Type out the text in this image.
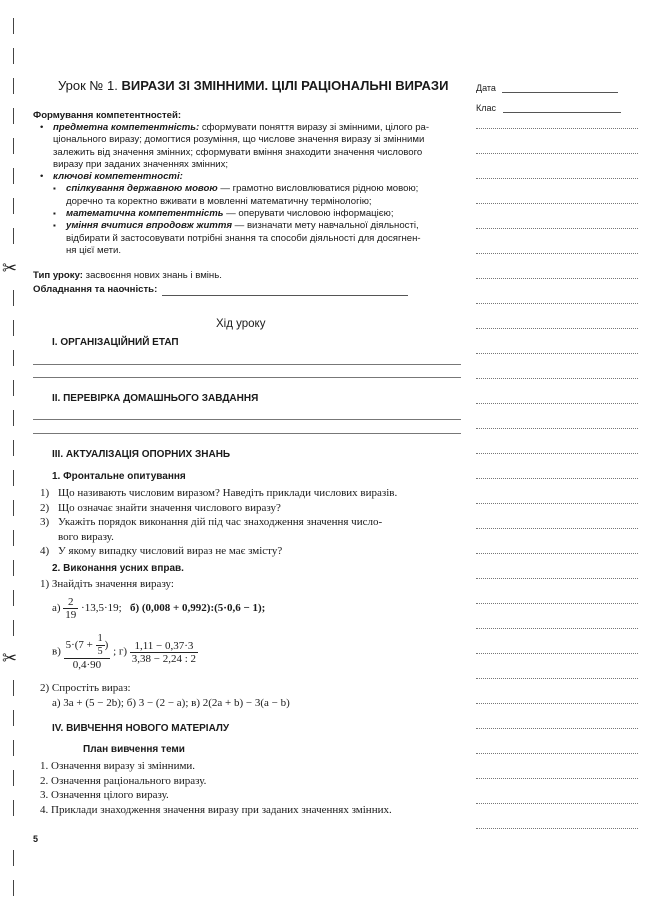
✂
✂
Урок № 1. ВИРАЗИ ЗІ ЗМІННИМИ. ЦІЛІ РАЦІОНАЛЬНІ ВИРАЗИ	Дата
Клас
Формування компетентностей:
• предметна компетентність: сформувати поняття виразу зі змінними, цілого ра-
ціонального виразу; домогтися розуміння, що числове значення виразу зі змінними
залежить від значення змінних; сформувати вміння знаходити значення числового
виразу при заданих значеннях змінних;
• ключові компетентності:
▪ спілкування державною мовою — грамотно висловлюватися рідною мовою;
доречно та коректно вживати в мовленні математичну термінологію;
▪ математична компетентність — оперувати числовою інформацією;
▪ уміння вчитися впродовж життя — визначати мету навчальної діяльності,
відбирати й застосовувати потрібні знання та способи діяльності для досягнен-
ня цієї мети.
Тип уроку: засвоєння нових знань і вмінь.
Обладнання та наочність:
Хід уроку
І. ОРГАНІЗАЦІЙНИЙ ЕТАП
ІІ. ПЕРЕВІРКА ДОМАШНЬОГО ЗАВДАННЯ
ІІІ. АКТУАЛІЗАЦІЯ ОПОРНИХ ЗНАНЬ
1. Фронтальне опитування
1) Що називають числовим виразом? Наведіть приклади числових виразів.
2) Що означає знайти значення числового виразу?
3) Укажіть порядок виконання дій під час знаходження значення число-
вого виразу.
4) У якому випадку числовий вираз не має змісту?
2. Виконання усних вправ.
1) Знайдіть значення виразу:
$а) \frac{2}{19} \cdot 13,5\cdot 19$; б) (0,008 + 0,992):(5·0,6 − 1);
$в) \frac{5\cdot(7 + \frac{1}{5} )}{0,4\cdot 90}$ ; $г) \frac{1,11 - 0,37\cdot 3}{3,38 - 2,24 : 2}$
2) Спростіть вираз:
а) 3a + (5 − 2b); б) 3 − (2 − a); в) 2(2a + b) − 3(a − b)
IV. ВИВЧЕННЯ НОВОГО МАТЕРІАЛУ
План вивчення теми
1. Означення виразу зі змінними.
2. Означення раціонального виразу.
3. Означення цілого виразу.
4. Приклади знаходження значення виразу при заданих значеннях змінних.
5
